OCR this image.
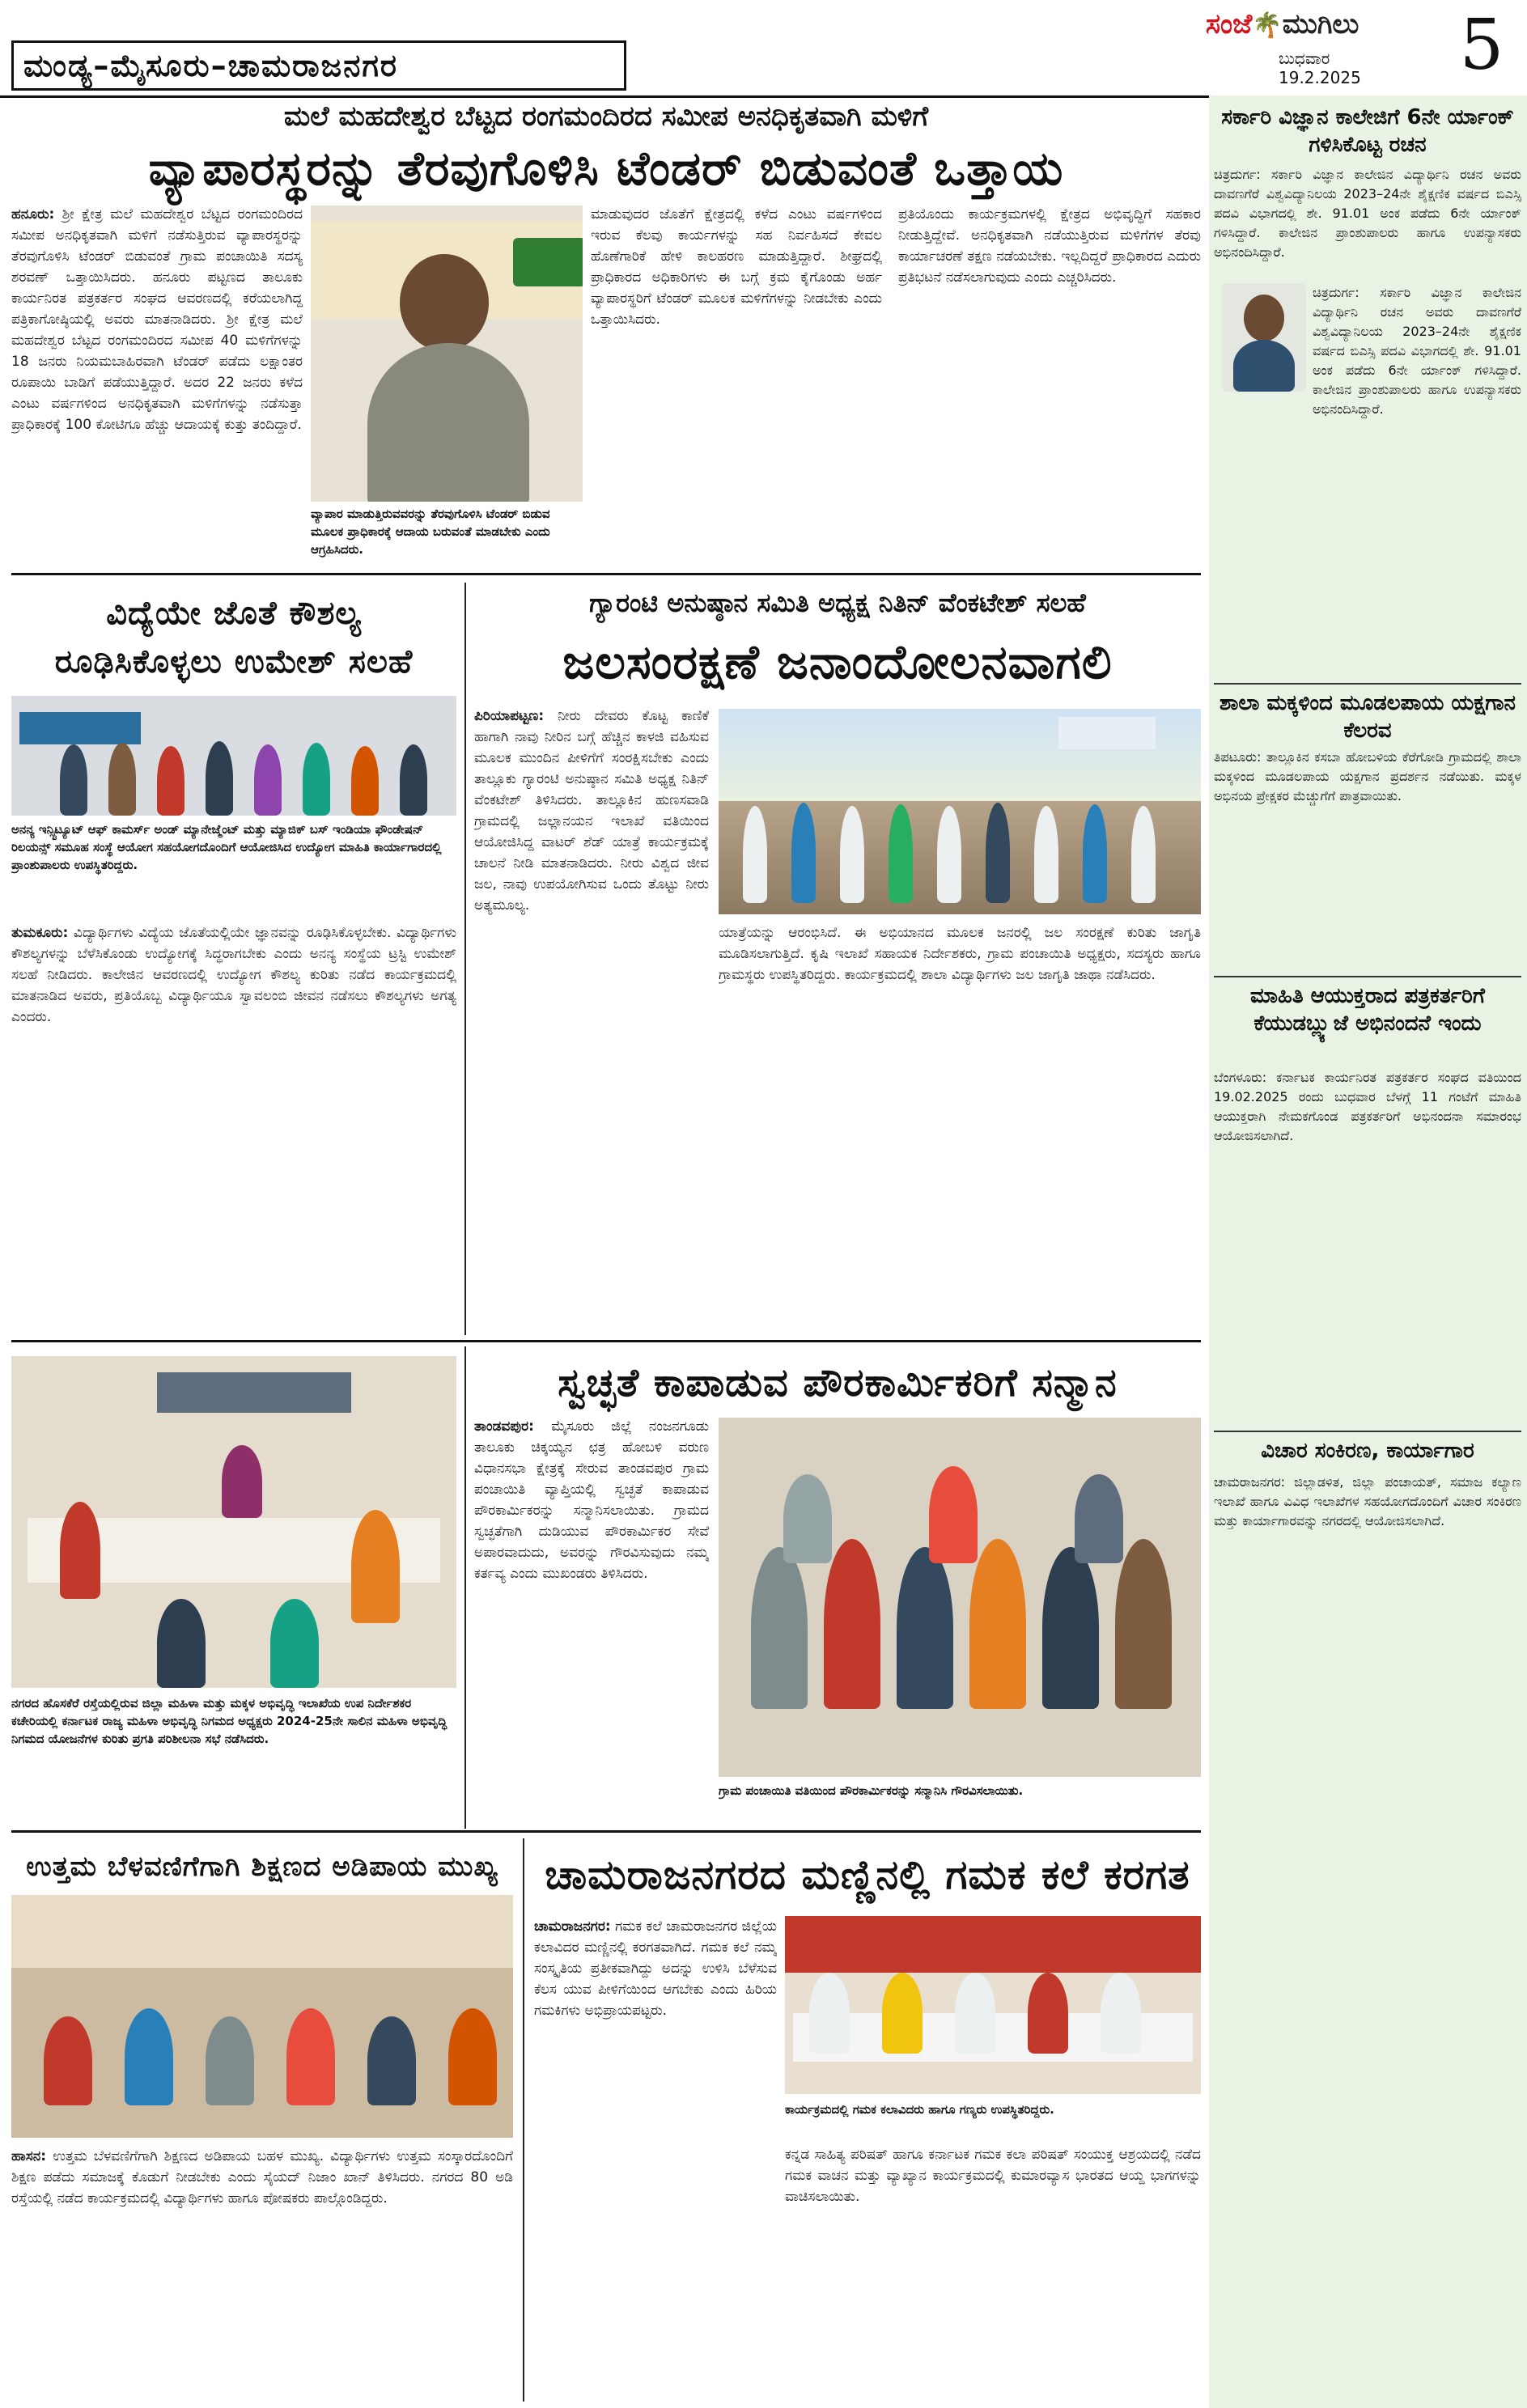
ಮಂಡ್ಯ–ಮೈಸೂರು–ಚಾಮರಾಜನಗರ
ಸಂಜೆ🌴ಮುಗಿಲು
ಬುಧವಾರ
19.2.2025 5
ಮಲೆ ಮಹದೇಶ್ವರ ಬೆಟ್ಟದ ರಂಗಮಂದಿರದ ಸಮೀಪ ಅನಧಿಕೃತವಾಗಿ ಮಳಿಗೆ
ವ್ಯಾಪಾರಸ್ಥರನ್ನು ತೆರವುಗೊಳಿಸಿ ಟೆಂಡರ್ ಬಿಡುವಂತೆ ಒತ್ತಾಯ
ಹನೂರು: ಶ್ರೀ ಕ್ಷೇತ್ರ ಮಲೆ ಮಹದೇಶ್ವರ ಬೆಟ್ಟದ ರಂಗಮಂದಿರದ ಸಮೀಪ ಅನಧಿಕೃತವಾಗಿ ಮಳಿಗೆ ನಡೆಸುತ್ತಿರುವ ವ್ಯಾಪಾರಸ್ಥರನ್ನು ತೆರವುಗೊಳಿಸಿ ಟೆಂಡರ್ ಬಿಡುವಂತೆ ಗ್ರಾಮ ಪಂಚಾಯಿತಿ ಸದಸ್ಯ ಶರವಣ್ ಒತ್ತಾಯಿಸಿದರು. ಹನೂರು ಪಟ್ಟಣದ ತಾಲೂಕು ಕಾರ್ಯನಿರತ ಪತ್ರಕರ್ತರ ಸಂಘದ ಆವರಣದಲ್ಲಿ ಕರೆಯಲಾಗಿದ್ದ ಪತ್ರಿಕಾಗೋಷ್ಠಿಯಲ್ಲಿ ಅವರು ಮಾತನಾಡಿದರು. ಶ್ರೀ ಕ್ಷೇತ್ರ ಮಲೆ ಮಹದೇಶ್ವರ ಬೆಟ್ಟದ ರಂಗಮಂದಿರದ ಸಮೀಪ 40 ಮಳಿಗೆಗಳನ್ನು 18 ಜನರು ನಿಯಮಬಾಹಿರವಾಗಿ ಟೆಂಡರ್ ಪಡೆದು ಲಕ್ಷಾಂತರ ರೂಪಾಯಿ ಬಾಡಿಗೆ ಪಡೆಯುತ್ತಿದ್ದಾರೆ. ಅದರ 22 ಜನರು ಕಳೆದ ಎಂಟು ವರ್ಷಗಳಿಂದ ಅನಧಿಕೃತವಾಗಿ ಮಳಿಗೆಗಳನ್ನು ನಡೆಸುತ್ತಾ ಪ್ರಾಧಿಕಾರಕ್ಕೆ 100 ಕೋಟಿಗೂ ಹೆಚ್ಚು ಆದಾಯಕ್ಕೆ ಕುತ್ತು ತಂದಿದ್ದಾರೆ.
ವ್ಯಾಪಾರ ಮಾಡುತ್ತಿರುವವರನ್ನು ತೆರವುಗೊಳಿಸಿ ಟೆಂಡರ್ ಬಿಡುವ ಮೂಲಕ ಪ್ರಾಧಿಕಾರಕ್ಕೆ ಆದಾಯ ಬರುವಂತೆ ಮಾಡಬೇಕು ಎಂದು ಆಗ್ರಹಿಸಿದರು.
ಮಾಡುವುದರ ಜೊತೆಗೆ ಕ್ಷೇತ್ರದಲ್ಲಿ ಕಳೆದ ಎಂಟು ವರ್ಷಗಳಿಂದ ಇರುವ ಕೆಲವು ಕಾರ್ಯಗಳನ್ನು ಸಹ ನಿರ್ವಹಿಸದೆ ಕೇವಲ ಹೊಣೆಗಾರಿಕೆ ಹೇಳಿ ಕಾಲಹರಣ ಮಾಡುತ್ತಿದ್ದಾರೆ. ಶೀಘ್ರದಲ್ಲಿ ಪ್ರಾಧಿಕಾರದ ಅಧಿಕಾರಿಗಳು ಈ ಬಗ್ಗೆ ಕ್ರಮ ಕೈಗೊಂಡು ಅರ್ಹ ವ್ಯಾಪಾರಸ್ಥರಿಗೆ ಟೆಂಡರ್ ಮೂಲಕ ಮಳಿಗೆಗಳನ್ನು ನೀಡಬೇಕು ಎಂದು ಒತ್ತಾಯಿಸಿದರು.
ಪ್ರತಿಯೊಂದು ಕಾರ್ಯಕ್ರಮಗಳಲ್ಲಿ ಕ್ಷೇತ್ರದ ಅಭಿವೃದ್ಧಿಗೆ ಸಹಕಾರ ನೀಡುತ್ತಿದ್ದೇವೆ. ಅನಧಿಕೃತವಾಗಿ ನಡೆಯುತ್ತಿರುವ ಮಳಿಗೆಗಳ ತೆರವು ಕಾರ್ಯಾಚರಣೆ ತಕ್ಷಣ ನಡೆಯಬೇಕು. ಇಲ್ಲದಿದ್ದರೆ ಪ್ರಾಧಿಕಾರದ ಎದುರು ಪ್ರತಿಭಟನೆ ನಡೆಸಲಾಗುವುದು ಎಂದು ಎಚ್ಚರಿಸಿದರು.
ವಿದ್ಯೆಯೇ ಜೊತೆ ಕೌಶಲ್ಯ
ರೂಢಿಸಿಕೊಳ್ಳಲು ಉಮೇಶ್ ಸಲಹೆ
ಅನನ್ಯ ಇನ್ಸ್ಟಿಟ್ಯೂಟ್ ಆಫ್ ಕಾಮರ್ಸ್ ಅಂಡ್ ಮ್ಯಾನೇಜ್ಮೆಂಟ್ ಮತ್ತು ಮ್ಯಾಜಿಕ್ ಬಸ್ ಇಂಡಿಯಾ ಫೌಂಡೇಷನ್ ರಿಲಯನ್ಸ್ ಸಮೂಹ ಸಂಸ್ಥೆ ಆಯೋಗ ಸಹಯೋಗದೊಂದಿಗೆ ಆಯೋಜಿಸಿದ ಉದ್ಯೋಗ ಮಾಹಿತಿ ಕಾರ್ಯಾಗಾರದಲ್ಲಿ ಪ್ರಾಂಶುಪಾಲರು ಉಪಸ್ಥಿತರಿದ್ದರು.
ತುಮಕೂರು: ವಿದ್ಯಾರ್ಥಿಗಳು ವಿದ್ಯೆಯ ಜೊತೆಯಲ್ಲಿಯೇ ಜ್ಞಾನವನ್ನು ರೂಢಿಸಿಕೊಳ್ಳಬೇಕು. ವಿದ್ಯಾರ್ಥಿಗಳು ಕೌಶಲ್ಯಗಳನ್ನು ಬೆಳೆಸಿಕೊಂಡು ಉದ್ಯೋಗಕ್ಕೆ ಸಿದ್ಧರಾಗಬೇಕು ಎಂದು ಅನನ್ಯ ಸಂಸ್ಥೆಯ ಟ್ರಸ್ಟಿ ಉಮೇಶ್ ಸಲಹೆ ನೀಡಿದರು. ಕಾಲೇಜಿನ ಆವರಣದಲ್ಲಿ ಉದ್ಯೋಗ ಕೌಶಲ್ಯ ಕುರಿತು ನಡೆದ ಕಾರ್ಯಕ್ರಮದಲ್ಲಿ ಮಾತನಾಡಿದ ಅವರು, ಪ್ರತಿಯೊಬ್ಬ ವಿದ್ಯಾರ್ಥಿಯೂ ಸ್ವಾವಲಂಬಿ ಜೀವನ ನಡೆಸಲು ಕೌಶಲ್ಯಗಳು ಅಗತ್ಯ ಎಂದರು.
ಗ್ಯಾರಂಟಿ ಅನುಷ್ಠಾನ ಸಮಿತಿ ಅಧ್ಯಕ್ಷ ನಿತಿನ್ ವೆಂಕಟೇಶ್ ಸಲಹೆ
ಜಲಸಂರಕ್ಷಣೆ ಜನಾಂದೋಲನವಾಗಲಿ
ಪಿರಿಯಾಪಟ್ಟಣ: ನೀರು ದೇವರು ಕೊಟ್ಟ ಕಾಣಿಕೆ ಹಾಗಾಗಿ ನಾವು ನೀರಿನ ಬಗ್ಗೆ ಹೆಚ್ಚಿನ ಕಾಳಜಿ ವಹಿಸುವ ಮೂಲಕ ಮುಂದಿನ ಪೀಳಿಗೆಗೆ ಸಂರಕ್ಷಿಸಬೇಕು ಎಂದು ತಾಲ್ಲೂಕು ಗ್ಯಾರಂಟಿ ಅನುಷ್ಠಾನ ಸಮಿತಿ ಅಧ್ಯಕ್ಷ ನಿತಿನ್ ವೆಂಕಟೇಶ್ ತಿಳಿಸಿದರು. ತಾಲ್ಲೂಕಿನ ಹುಣಸವಾಡಿ ಗ್ರಾಮದಲ್ಲಿ ಜಲ್ಲಾನಯನ ಇಲಾಖೆ ವತಿಯಿಂದ ಆಯೋಜಿಸಿದ್ದ ವಾಟರ್ ಶೆಡ್ ಯಾತ್ರೆ ಕಾರ್ಯಕ್ರಮಕ್ಕೆ ಚಾಲನೆ ನೀಡಿ ಮಾತನಾಡಿದರು. ನೀರು ವಿಶ್ವದ ಜೀವ ಜಲ, ನಾವು ಉಪಯೋಗಿಸುವ ಒಂದು ತೊಟ್ಟು ನೀರು ಅತ್ಯಮೂಲ್ಯ.
ಯಾತ್ರೆಯನ್ನು ಆರಂಭಿಸಿದೆ. ಈ ಅಭಿಯಾನದ ಮೂಲಕ ಜನರಲ್ಲಿ ಜಲ ಸಂರಕ್ಷಣೆ ಕುರಿತು ಜಾಗೃತಿ ಮೂಡಿಸಲಾಗುತ್ತಿದೆ. ಕೃಷಿ ಇಲಾಖೆ ಸಹಾಯಕ ನಿರ್ದೇಶಕರು, ಗ್ರಾಮ ಪಂಚಾಯಿತಿ ಅಧ್ಯಕ್ಷರು, ಸದಸ್ಯರು ಹಾಗೂ ಗ್ರಾಮಸ್ಥರು ಉಪಸ್ಥಿತರಿದ್ದರು. ಕಾರ್ಯಕ್ರಮದಲ್ಲಿ ಶಾಲಾ ವಿದ್ಯಾರ್ಥಿಗಳು ಜಲ ಜಾಗೃತಿ ಜಾಥಾ ನಡೆಸಿದರು.
ನಗರದ ಹೊಸಕೆರೆ ರಸ್ತೆಯಲ್ಲಿರುವ ಜಿಲ್ಲಾ ಮಹಿಳಾ ಮತ್ತು ಮಕ್ಕಳ ಅಭಿವೃದ್ಧಿ ಇಲಾಖೆಯ ಉಪ ನಿರ್ದೇಶಕರ ಕಚೇರಿಯಲ್ಲಿ ಕರ್ನಾಟಕ ರಾಜ್ಯ ಮಹಿಳಾ ಅಭಿವೃದ್ಧಿ ನಿಗಮದ ಅಧ್ಯಕ್ಷರು 2024-25ನೇ ಸಾಲಿನ ಮಹಿಳಾ ಅಭಿವೃದ್ಧಿ ನಿಗಮದ ಯೋಜನೆಗಳ ಕುರಿತು ಪ್ರಗತಿ ಪರಿಶೀಲನಾ ಸಭೆ ನಡೆಸಿದರು.
ಸ್ವಚ್ಛತೆ ಕಾಪಾಡುವ ಪೌರಕಾರ್ಮಿಕರಿಗೆ ಸನ್ಮಾನ
ತಾಂಡವಪುರ: ಮೈಸೂರು ಜಿಲ್ಲೆ ನಂಜನಗೂಡು ತಾಲೂಕು ಚಿಕ್ಕಯ್ಯನ ಛತ್ರ ಹೋಬಳಿ ವರುಣ ವಿಧಾನಸಭಾ ಕ್ಷೇತ್ರಕ್ಕೆ ಸೇರುವ ತಾಂಡವಪುರ ಗ್ರಾಮ ಪಂಚಾಯಿತಿ ವ್ಯಾಪ್ತಿಯಲ್ಲಿ ಸ್ವಚ್ಛತೆ ಕಾಪಾಡುವ ಪೌರಕಾರ್ಮಿಕರನ್ನು ಸನ್ಮಾನಿಸಲಾಯಿತು. ಗ್ರಾಮದ ಸ್ವಚ್ಛತೆಗಾಗಿ ದುಡಿಯುವ ಪೌರಕಾರ್ಮಿಕರ ಸೇವೆ ಅಪಾರವಾದುದು, ಅವರನ್ನು ಗೌರವಿಸುವುದು ನಮ್ಮ ಕರ್ತವ್ಯ ಎಂದು ಮುಖಂಡರು ತಿಳಿಸಿದರು.
ಗ್ರಾಮ ಪಂಚಾಯಿತಿ ವತಿಯಿಂದ ಪೌರಕಾರ್ಮಿಕರನ್ನು ಸನ್ಮಾನಿಸಿ ಗೌರವಿಸಲಾಯಿತು.
ಉತ್ತಮ ಬೆಳವಣಿಗೆಗಾಗಿ ಶಿಕ್ಷಣದ ಅಡಿಪಾಯ ಮುಖ್ಯ
ಹಾಸನ: ಉತ್ತಮ ಬೆಳವಣಿಗೆಗಾಗಿ ಶಿಕ್ಷಣದ ಅಡಿಪಾಯ ಬಹಳ ಮುಖ್ಯ. ವಿದ್ಯಾರ್ಥಿಗಳು ಉತ್ತಮ ಸಂಸ್ಕಾರದೊಂದಿಗೆ ಶಿಕ್ಷಣ ಪಡೆದು ಸಮಾಜಕ್ಕೆ ಕೊಡುಗೆ ನೀಡಬೇಕು ಎಂದು ಸೈಯದ್ ನಿಜಾಂ ಖಾನ್ ತಿಳಿಸಿದರು. ನಗರದ 80 ಅಡಿ ರಸ್ತೆಯಲ್ಲಿ ನಡೆದ ಕಾರ್ಯಕ್ರಮದಲ್ಲಿ ವಿದ್ಯಾರ್ಥಿಗಳು ಹಾಗೂ ಪೋಷಕರು ಪಾಲ್ಗೊಂಡಿದ್ದರು.
ಚಾಮರಾಜನಗರದ ಮಣ್ಣಿನಲ್ಲಿ ಗಮಕ ಕಲೆ ಕರಗತ
ಚಾಮರಾಜನಗರ: ಗಮಕ ಕಲೆ ಚಾಮರಾಜನಗರ ಜಿಲ್ಲೆಯ ಕಲಾವಿದರ ಮಣ್ಣಿನಲ್ಲಿ ಕರಗತವಾಗಿದೆ. ಗಮಕ ಕಲೆ ನಮ್ಮ ಸಂಸ್ಕೃತಿಯ ಪ್ರತೀಕವಾಗಿದ್ದು ಅದನ್ನು ಉಳಿಸಿ ಬೆಳೆಸುವ ಕೆಲಸ ಯುವ ಪೀಳಿಗೆಯಿಂದ ಆಗಬೇಕು ಎಂದು ಹಿರಿಯ ಗಮಕಿಗಳು ಅಭಿಪ್ರಾಯಪಟ್ಟರು.
ಕಾರ್ಯಕ್ರಮದಲ್ಲಿ ಗಮಕ ಕಲಾವಿದರು ಹಾಗೂ ಗಣ್ಯರು ಉಪಸ್ಥಿತರಿದ್ದರು.
ಕನ್ನಡ ಸಾಹಿತ್ಯ ಪರಿಷತ್ ಹಾಗೂ ಕರ್ನಾಟಕ ಗಮಕ ಕಲಾ ಪರಿಷತ್ ಸಂಯುಕ್ತ ಆಶ್ರಯದಲ್ಲಿ ನಡೆದ ಗಮಕ ವಾಚನ ಮತ್ತು ವ್ಯಾಖ್ಯಾನ ಕಾರ್ಯಕ್ರಮದಲ್ಲಿ ಕುಮಾರವ್ಯಾಸ ಭಾರತದ ಆಯ್ದ ಭಾಗಗಳನ್ನು ವಾಚಿಸಲಾಯಿತು.
ಸರ್ಕಾರಿ ವಿಜ್ಞಾನ ಕಾಲೇಜಿಗೆ 6ನೇ ರ್ಯಾಂಕ್ ಗಳಿಸಿಕೊಟ್ಟ ರಚನ
ಚಿತ್ರದುರ್ಗ: ಸರ್ಕಾರಿ ವಿಜ್ಞಾನ ಕಾಲೇಜಿನ ವಿದ್ಯಾರ್ಥಿನಿ ರಚನ ಅವರು ದಾವಣಗೆರೆ ವಿಶ್ವವಿದ್ಯಾನಿಲಯ 2023–24ನೇ ಶೈಕ್ಷಣಿಕ ವರ್ಷದ ಬಿಎಸ್ಸಿ ಪದವಿ ವಿಭಾಗದಲ್ಲಿ ಶೇ. 91.01 ಅಂಕ ಪಡೆದು 6ನೇ ರ್ಯಾಂಕ್ ಗಳಿಸಿದ್ದಾರೆ. ಕಾಲೇಜಿನ ಪ್ರಾಂಶುಪಾಲರು ಹಾಗೂ ಉಪನ್ಯಾಸಕರು ಅಭಿನಂದಿಸಿದ್ದಾರೆ.
ಚಿತ್ರದುರ್ಗ: ಸರ್ಕಾರಿ ವಿಜ್ಞಾನ ಕಾಲೇಜಿನ ವಿದ್ಯಾರ್ಥಿನಿ ರಚನ ಅವರು ದಾವಣಗೆರೆ ವಿಶ್ವವಿದ್ಯಾನಿಲಯ 2023–24ನೇ ಶೈಕ್ಷಣಿಕ ವರ್ಷದ ಬಿಎಸ್ಸಿ ಪದವಿ ವಿಭಾಗದಲ್ಲಿ ಶೇ. 91.01 ಅಂಕ ಪಡೆದು 6ನೇ ರ್ಯಾಂಕ್ ಗಳಿಸಿದ್ದಾರೆ. ಕಾಲೇಜಿನ ಪ್ರಾಂಶುಪಾಲರು ಹಾಗೂ ಉಪನ್ಯಾಸಕರು ಅಭಿನಂದಿಸಿದ್ದಾರೆ.
ಶಾಲಾ ಮಕ್ಕಳಿಂದ ಮೂಡಲಪಾಯ ಯಕ್ಷಗಾನ ಕೆಲರವ
ತಿಪಟೂರು: ತಾಲ್ಲೂಕಿನ ಕಸಬಾ ಹೋಬಳಿಯ ಕೆರೆಗೋಡಿ ಗ್ರಾಮದಲ್ಲಿ ಶಾಲಾ ಮಕ್ಕಳಿಂದ ಮೂಡಲಪಾಯ ಯಕ್ಷಗಾನ ಪ್ರದರ್ಶನ ನಡೆಯಿತು. ಮಕ್ಕಳ ಅಭಿನಯ ಪ್ರೇಕ್ಷಕರ ಮೆಚ್ಚುಗೆಗೆ ಪಾತ್ರವಾಯಿತು.
ಮಾಹಿತಿ ಆಯುಕ್ತರಾದ ಪತ್ರಕರ್ತರಿಗೆ ಕೆಯುಡಬ್ಲ್ಯುಜೆ ಅಭಿನಂದನೆ ಇಂದು
ಬೆಂಗಳೂರು: ಕರ್ನಾಟಕ ಕಾರ್ಯನಿರತ ಪತ್ರಕರ್ತರ ಸಂಘದ ವತಿಯಿಂದ 19.02.2025 ರಂದು ಬುಧವಾರ ಬೆಳಗ್ಗೆ 11 ಗಂಟೆಗೆ ಮಾಹಿತಿ ಆಯುಕ್ತರಾಗಿ ನೇಮಕಗೊಂಡ ಪತ್ರಕರ್ತರಿಗೆ ಅಭಿನಂದನಾ ಸಮಾರಂಭ ಆಯೋಜಿಸಲಾಗಿದೆ.
ವಿಚಾರ ಸಂಕಿರಣ, ಕಾರ್ಯಾಗಾರ
ಚಾಮರಾಜನಗರ: ಜಿಲ್ಲಾಡಳಿತ, ಜಿಲ್ಲಾ ಪಂಚಾಯತ್, ಸಮಾಜ ಕಲ್ಯಾಣ ಇಲಾಖೆ ಹಾಗೂ ವಿವಿಧ ಇಲಾಖೆಗಳ ಸಹಯೋಗದೊಂದಿಗೆ ವಿಚಾರ ಸಂಕಿರಣ ಮತ್ತು ಕಾರ್ಯಾಗಾರವನ್ನು ನಗರದಲ್ಲಿ ಆಯೋಜಿಸಲಾಗಿದೆ.
